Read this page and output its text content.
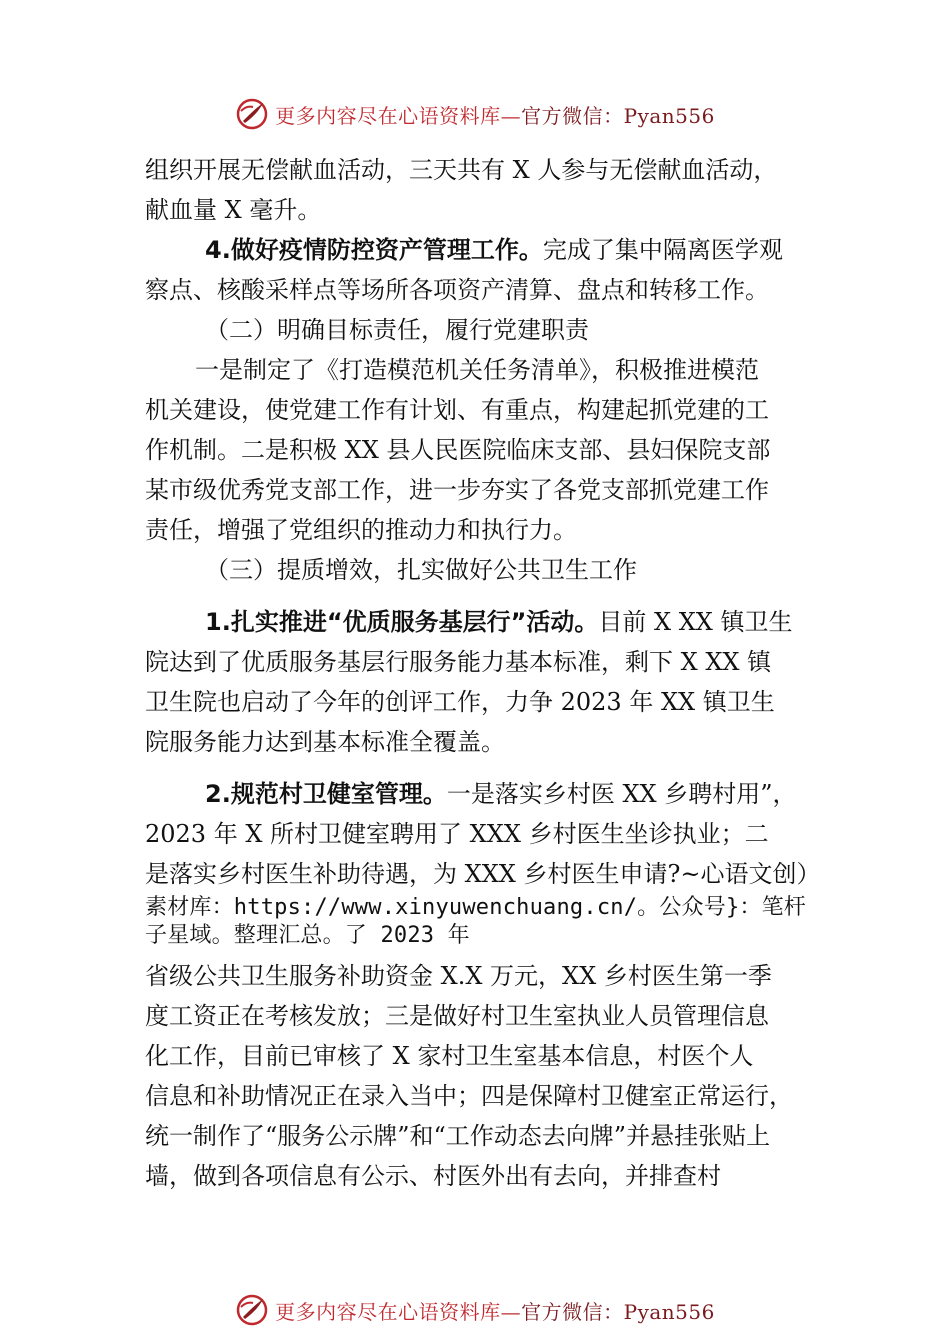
更多内容尽在心语资料库—官方微信：Pyan556

组织开展无偿献血活动，三天共有 X 人参与无偿献血活动，

献血量 X 毫升。

4.做好疫情防控资产管理工作。完成了集中隔离医学观

察点、核酸采样点等场所各项资产清算、盘点和转移工作。

（二）明确目标责任，履行党建职责

一是制定了《打造模范机关任务清单》，积极推进模范

机关建设，使党建工作有计划、有重点，构建起抓党建的工

作机制。二是积极 XX 县人民医院临床支部、县妇保院支部

某市级优秀党支部工作，进一步夯实了各党支部抓党建工作

责任，增强了党组织的推动力和执行力。

（三）提质增效，扎实做好公共卫生工作

1.扎实推进“优质服务基层行”活动。目前 X XX 镇卫生

院达到了优质服务基层行服务能力基本标准，剩下 X XX 镇

卫生院也启动了今年的创评工作，力争 2023 年 XX 镇卫生

院服务能力达到基本标准全覆盖。

2.规范村卫健室管理。一是落实乡村医 XX 乡聘村用”，

2023 年 X 所村卫健室聘用了 XXX 乡村医生坐诊执业；二

是落实乡村医生补助待遇，为 XXX 乡村医生申请?~心语文创）

素材库：https://www.xinyuwenchuang.cn/。公众号}：笔杆

子星域。整理汇总。了 2023 年

省级公共卫生服务补助资金 X.X 万元，XX 乡村医生第一季

度工资正在考核发放；三是做好村卫生室执业人员管理信息

化工作，目前已审核了 X 家村卫生室基本信息，村医个人

信息和补助情况正在录入当中；四是保障村卫健室正常运行，

统一制作了“服务公示牌”和“工作动态去向牌”并悬挂张贴上

墙，做到各项信息有公示、村医外出有去向，并排查村

更多内容尽在心语资料库—官方微信：Pyan556
